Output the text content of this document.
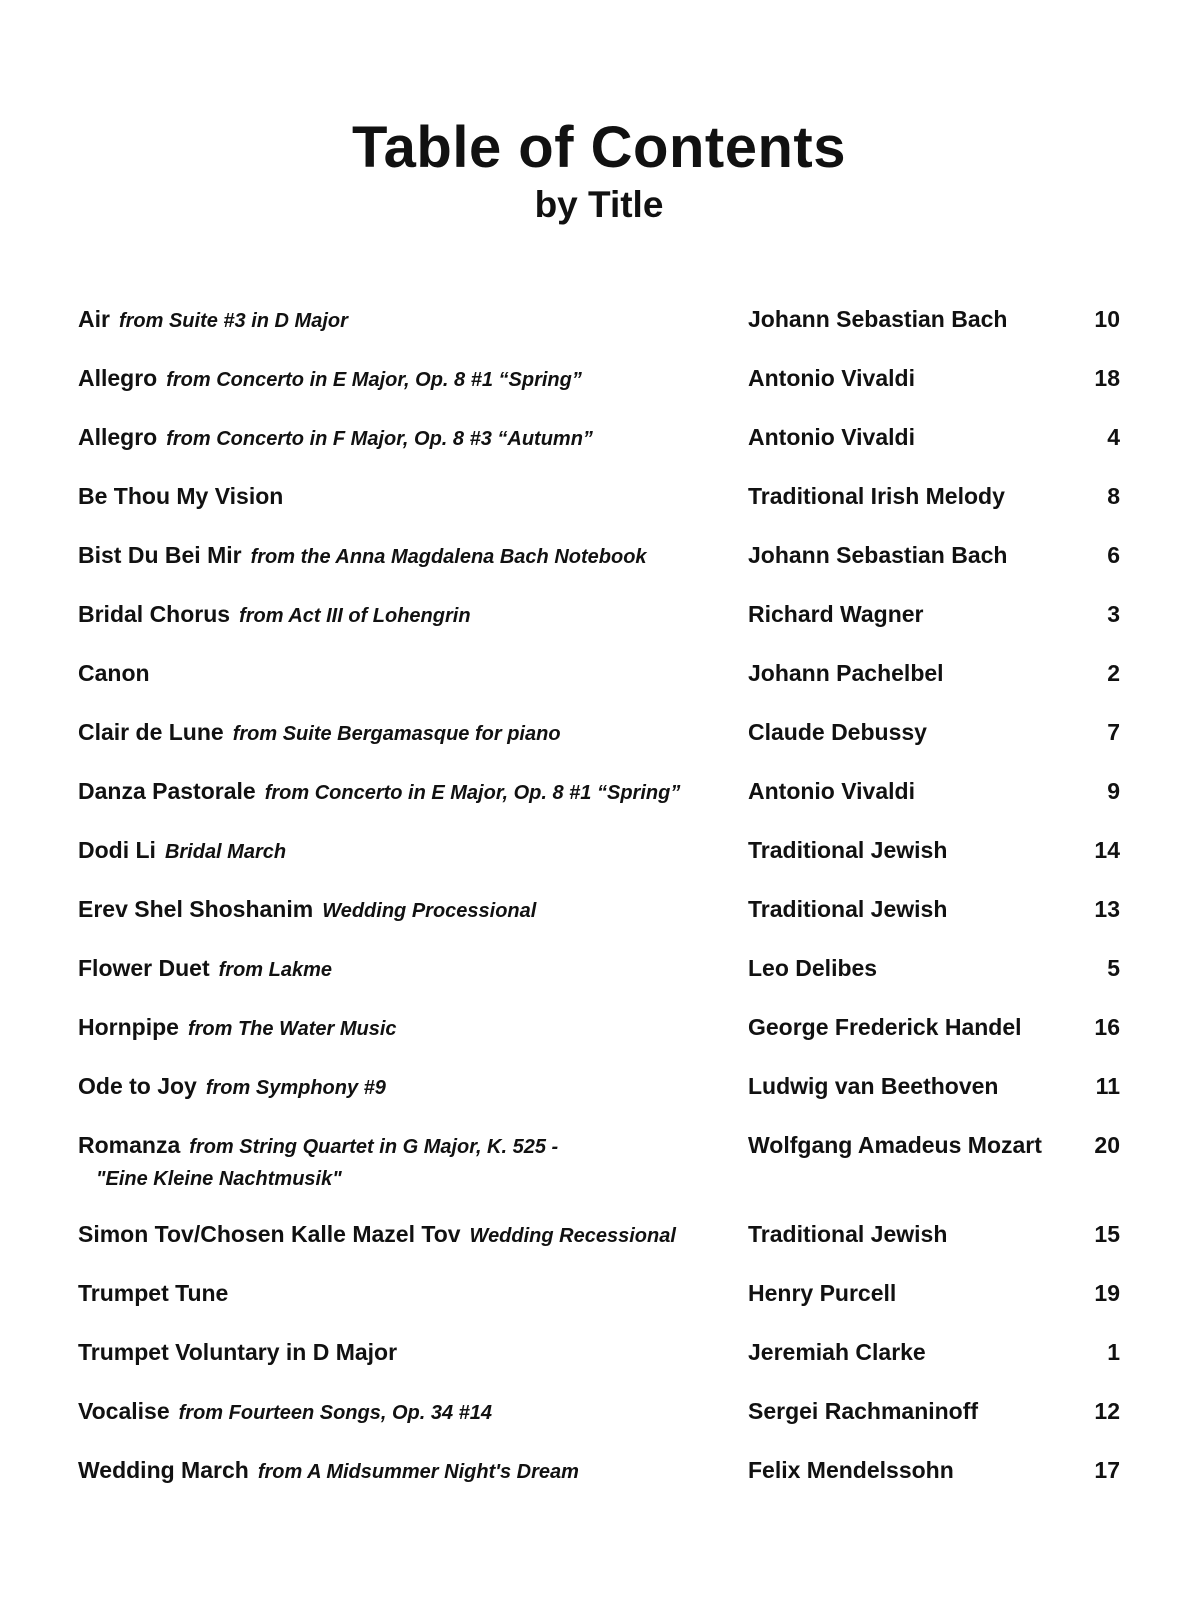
Table of Contents
by Title
Air from Suite #3 in D Major	Johann Sebastian Bach	10
Allegro from Concerto in E Major, Op. 8 #1 “Spring”	Antonio Vivaldi	18
Allegro from Concerto in F Major, Op. 8 #3 “Autumn”	Antonio Vivaldi	4
Be Thou My Vision	Traditional Irish Melody	8
Bist Du Bei Mir from the Anna Magdalena Bach Notebook	Johann Sebastian Bach	6
Bridal Chorus from Act III of Lohengrin	Richard Wagner	3
Canon	Johann Pachelbel	2
Clair de Lune from Suite Bergamasque for piano	Claude Debussy	7
Danza Pastorale from Concerto in E Major, Op. 8 #1 “Spring”	Antonio Vivaldi	9
Dodi Li Bridal March	Traditional Jewish	14
Erev Shel Shoshanim Wedding Processional	Traditional Jewish	13
Flower Duet from Lakme	Leo Delibes	5
Hornpipe from The Water Music	George Frederick Handel	16
Ode to Joy from Symphony #9	Ludwig van Beethoven	11
Romanza from String Quartet in G Major, K. 525 -
"Eine Kleine Nachtmusik"
Wolfgang Amadeus Mozart	20
Simon Tov/Chosen Kalle Mazel Tov Wedding Recessional	Traditional Jewish	15
Trumpet Tune	Henry Purcell	19
Trumpet Voluntary in D Major	Jeremiah Clarke	1
Vocalise from Fourteen Songs, Op. 34 #14	Sergei Rachmaninoff	12
Wedding March from A Midsummer Night's Dream	Felix Mendelssohn	17
